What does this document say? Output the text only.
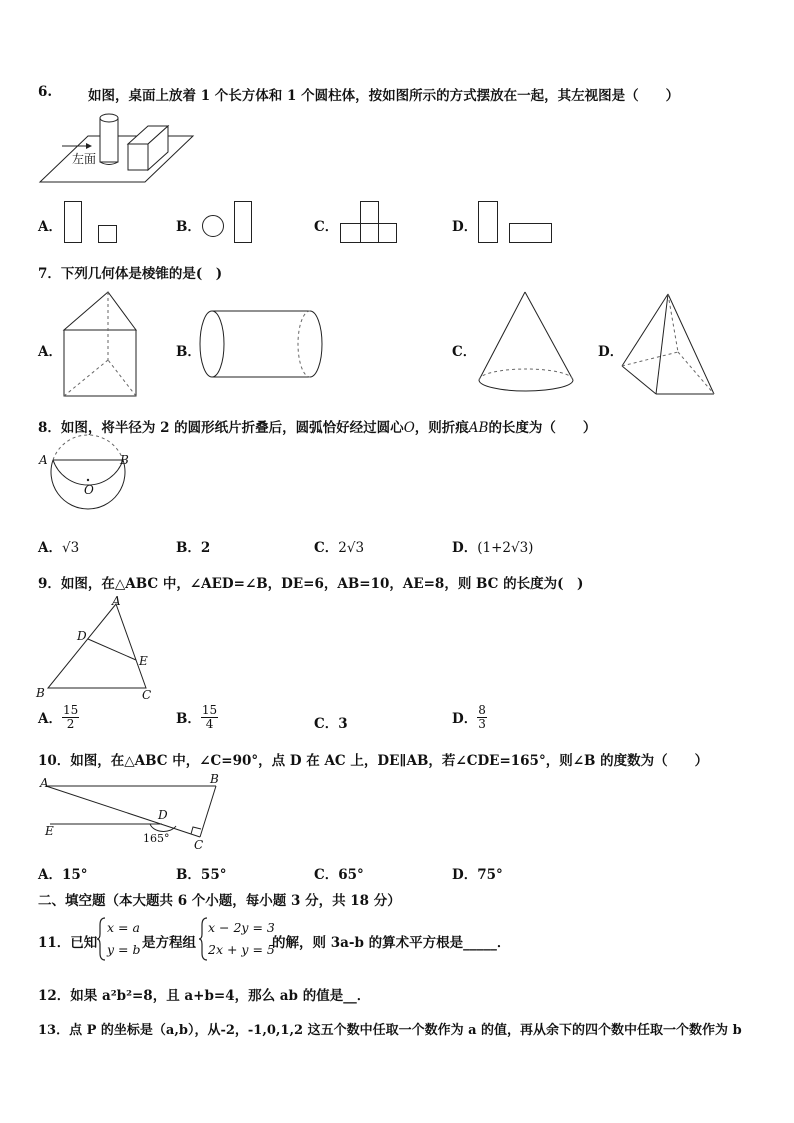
6.	如图，桌面上放着 1 个长方体和 1 个圆柱体，按如图所示的方式摆放在一起，其左视图是（　　）
左面
A．	B．	C．	D．
7．下列几何体是棱锥的是(　)
A．	B．	C．	D．
8．如图，将半径为 2 的圆形纸片折叠后，圆弧恰好经过圆心O，则折痕AB的长度为（　　）
A	B
O
A．√3	B．2	C．2√3	D．(1+2√3)
9．如图，在△ABC 中，∠AED=∠B，DE=6，AB=10，AE=8，则 BC 的长度为(　)
A
D
E
B	C
A． $\frac{15}{2}$	B． $\frac{15}{4}$	C．3	D． $\frac{8}{3}$
10．如图，在△ABC 中，∠C=90°，点 D 在 AC 上，DE∥AB，若∠CDE=165°，则∠B 的度数为（　　）
A	B
D
E
165° C
A．15°	B．55°	C．65°	D．75°
二、填空题（本大题共 6 个小题，每小题 3 分，共 18 分）
11．已知
x = a
y = b 是方程组
x − 2y = 3
2x + y = 5
的解，则 3a-b 的算术平方根是_____．
12．如果 a²b²=8，且 a+b=4，那么 ab 的值是__．
13．点 P 的坐标是（a,b），从-2，-1,0,1,2 这五个数中任取一个数作为 a 的值，再从余下的四个数中任取一个数作为 b
